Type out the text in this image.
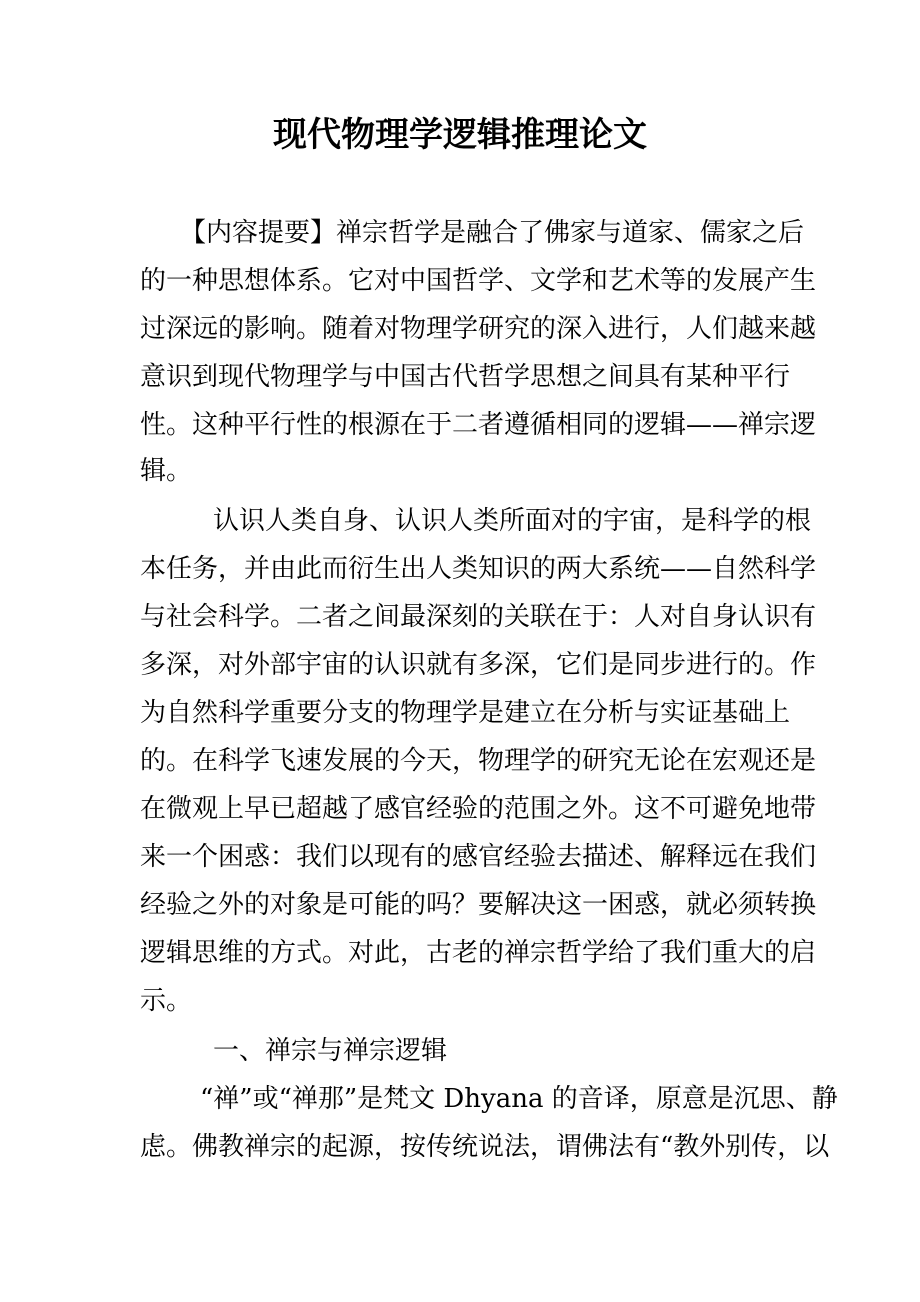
现代物理学逻辑推理论文
【内容提要】禅宗哲学是融合了佛家与道家、儒家之后
的一种思想体系。它对中国哲学、文学和艺术等的发展产生
过深远的影响。随着对物理学研究的深入进行，人们越来越
意识到现代物理学与中国古代哲学思想之间具有某种平行
性。这种平行性的根源在于二者遵循相同的逻辑——禅宗逻
辑。
认识人类自身、认识人类所面对的宇宙，是科学的根
本任务，并由此而衍生出人类知识的两大系统——自然科学
与社会科学。二者之间最深刻的关联在于：人对自身认识有
多深，对外部宇宙的认识就有多深，它们是同步进行的。作
为自然科学重要分支的物理学是建立在分析与实证基础上
的。在科学飞速发展的今天，物理学的研究无论在宏观还是
在微观上早已超越了感官经验的范围之外。这不可避免地带
来一个困惑：我们以现有的感官经验去描述、解释远在我们
经验之外的对象是可能的吗？要解决这一困惑，就必须转换
逻辑思维的方式。对此，古老的禅宗哲学给了我们重大的启
示。
一、禅宗与禅宗逻辑
“禅”或“禅那”是梵文 Dhyana 的音译，原意是沉思、静
虑。佛教禅宗的起源，按传统说法，谓佛法有“教外别传，以
